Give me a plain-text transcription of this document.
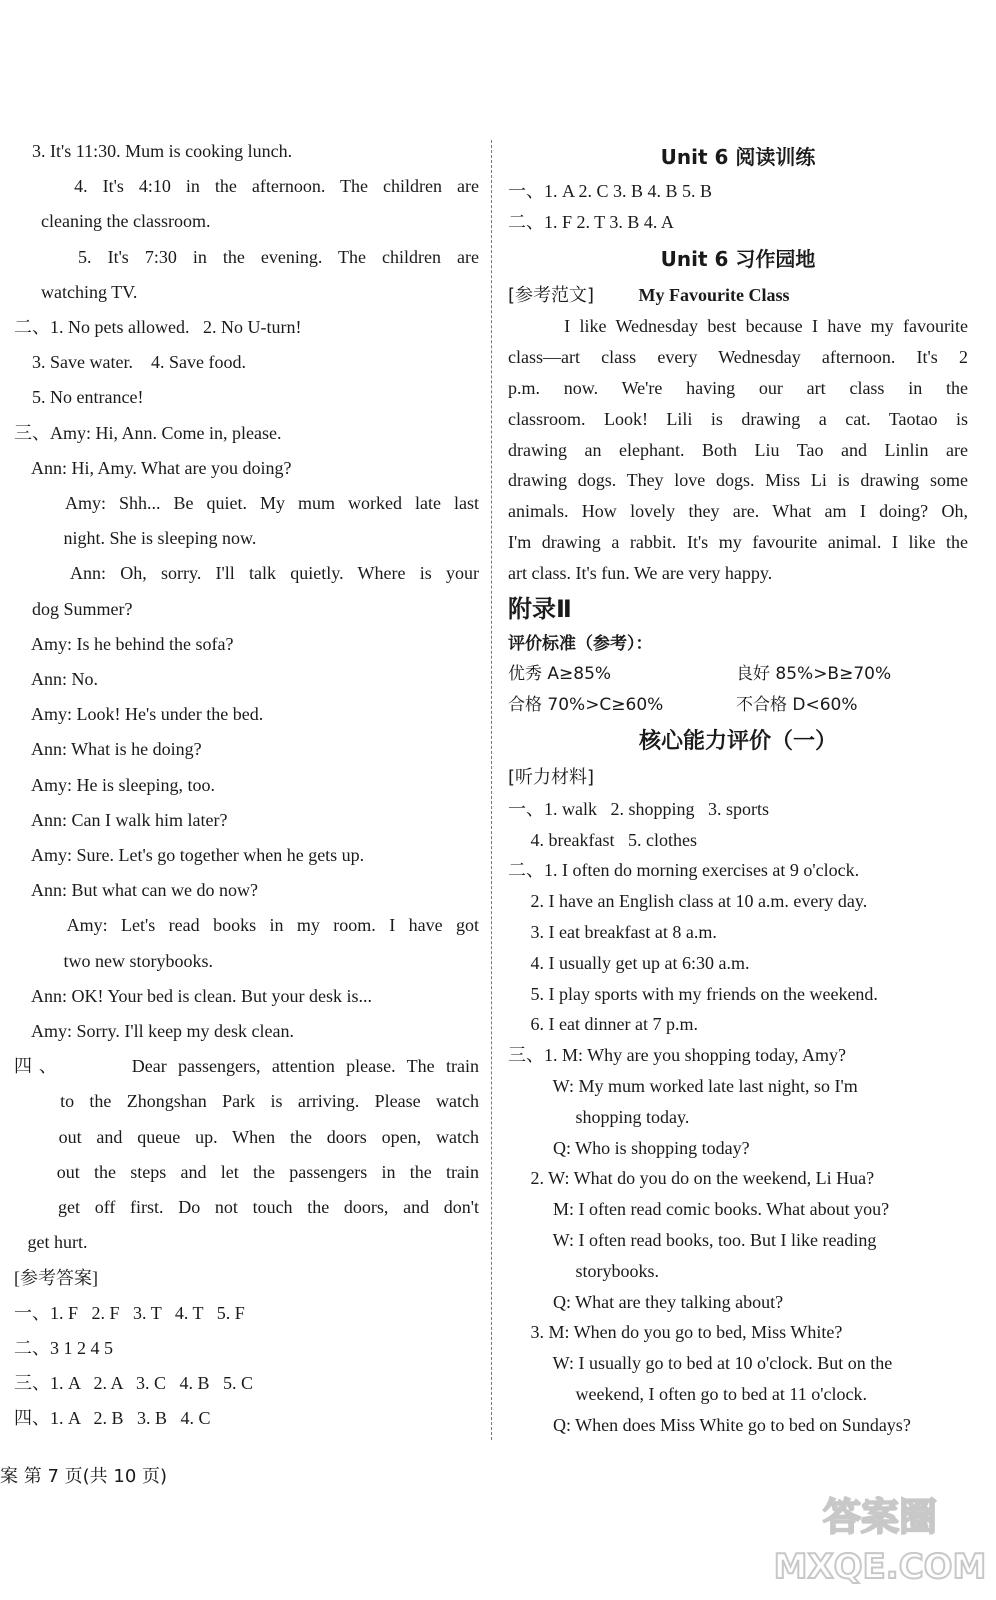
3. It's 11:30. Mum is cooking lunch.
4. It's 4:10 in the afternoon. The children are
cleaning the classroom.
5. It's 7:30 in the evening. The children are
watching TV.
二、1. No pets allowed.   2. No U-turn!
3. Save water.    4. Save food.
5. No entrance!
三、Amy: Hi, Ann. Come in, please.
Ann: Hi, Amy. What are you doing?
Amy: Shh... Be quiet. My mum worked late last
night. She is sleeping now.
Ann: Oh, sorry. I'll talk quietly. Where is your
dog Summer?
Amy: Is he behind the sofa?
Ann: No.
Amy: Look! He's under the bed.
Ann: What is he doing?
Amy: He is sleeping, too.
Ann: Can I walk him later?
Amy: Sure. Let's go together when he gets up.
Ann: But what can we do now?
Amy: Let's read books in my room. I have got
two new storybooks.
Ann: OK! Your bed is clean. But your desk is...
Amy: Sorry. I'll keep my desk clean.
四、      Dear passengers, attention please. The train
to the Zhongshan Park is arriving. Please watch
out and queue up. When the doors open, watch
out the steps and let the passengers in the train
get off first. Do not touch the doors, and don't
get hurt.
[参考答案]
一、1. F   2. F   3. T   4. T   5. F
二、3 1 2 4 5
三、1. A   2. A   3. C   4. B   5. C
四、1. A   2. B   3. B   4. C
Unit 6 阅读训练
一、1. A 2. C 3. B 4. B 5. B
二、1. F 2. T 3. B 4. A
Unit 6 习作园地
[参考范文] My Favourite Class
I like Wednesday best because I have my favourite
class—art class every Wednesday afternoon. It's 2
p.m. now. We're having our art class in the
classroom. Look! Lili is drawing a cat. Taotao is
drawing an elephant. Both Liu Tao and Linlin are
drawing dogs. They love dogs. Miss Li is drawing some
animals. How lovely they are. What am I doing? Oh,
I'm drawing a rabbit. It's my favourite animal. I like the
art class. It's fun. We are very happy.
附录Ⅱ
评价标准（参考）：
优秀 A≥85%	良好 85%>B≥70%
合格 70%>C≥60%	不合格 D<60%
核心能力评价（一）
[听力材料]
一、1. walk   2. shopping   3. sports
4. breakfast   5. clothes
二、1. I often do morning exercises at 9 o'clock.
2. I have an English class at 10 a.m. every day.
3. I eat breakfast at 8 a.m.
4. I usually get up at 6:30 a.m.
5. I play sports with my friends on the weekend.
6. I eat dinner at 7 p.m.
三、1. M: Why are you shopping today, Amy?
W: My mum worked late last night, so I'm
shopping today.
Q: Who is shopping today?
2. W: What do you do on the weekend, Li Hua?
M: I often read comic books. What about you?
W: I often read books, too. But I like reading
storybooks.
Q: What are they talking about?
3. M: When do you go to bed, Miss White?
W: I usually go to bed at 10 o'clock. But on the
weekend, I often go to bed at 11 o'clock.
Q: When does Miss White go to bed on Sundays?
案 第 7 页(共 10 页)
答案圈
MXQE.COM
